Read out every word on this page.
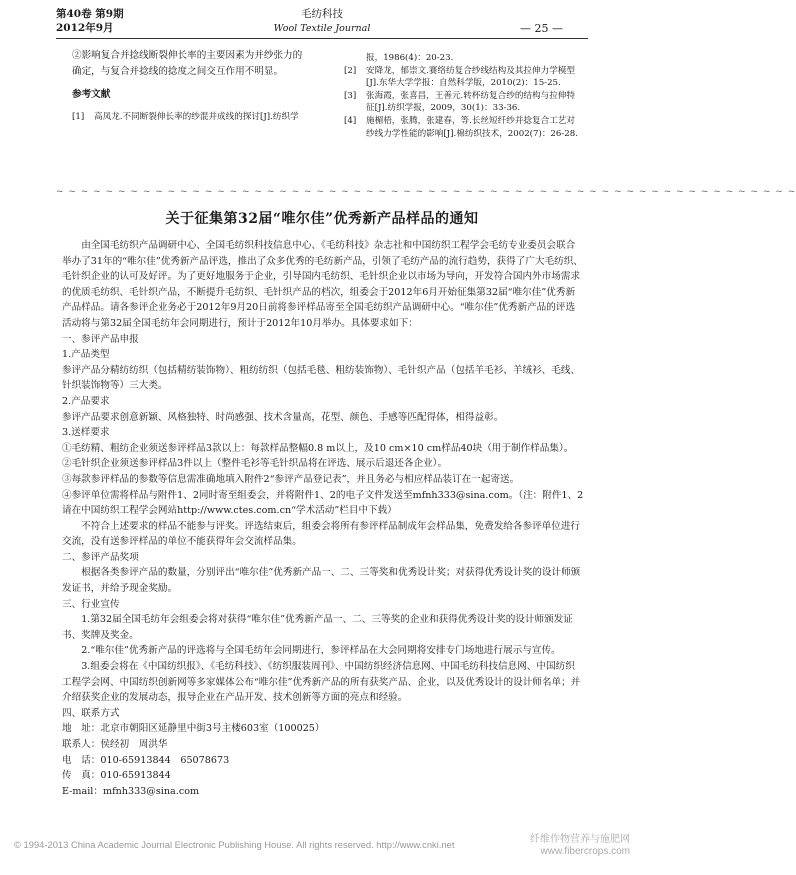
第40卷 第9期
2012年9月
毛纺科技
Wool Textile Journal	— 25 —

②影响复合并捻线断裂伸长率的主要因素为并纱张力的确定，与复合并捻线的捻度之间交互作用不明显。

参考文献

[1]	高凤龙.不同断裂伸长率的纱混并成线的探讨[J].纺织学
报，1986(4)：20-23.
[2]	安降龙，郁崇文.赛络纺复合纱线结构及其拉伸力学模型[J].东华大学学报：自然科学版，2010(2)：15-25.
[3]	张海霞，张喜昌，王善元.转杯纺复合纱的结构与拉伸特征[J].纺织学报，2009，30(1)：33-36.
[4]	施楣梧，张腾，张建春，等.长丝短纤纱并捻复合工艺对纱线力学性能的影响[J].棉纺织技术，2002(7)：26-28.
~ ~ ~ ~ ~ ~ ~ ~ ~ ~ ~ ~ ~ ~ ~ ~ ~ ~ ~ ~ ~ ~ ~ ~ ~ ~ ~ ~ ~ ~ ~ ~ ~ ~ ~ ~ ~ ~ ~ ~ ~ ~ ~ ~ ~ ~ ~ ~ ~ ~ ~ ~ ~ ~ ~ ~ ~ ~ ~ ~
关于征集第32届“唯尔佳”优秀新产品样品的通知

由全国毛纺织产品调研中心、全国毛纺织科技信息中心、《毛纺科技》杂志社和中国纺织工程学会毛纺专业委员会联合举办了31年的“唯尔佳”优秀新产品评选，推出了众多优秀的毛纺新产品，引领了毛纺产品的流行趋势，获得了广大毛纺织、毛针织企业的认可及好评。为了更好地服务于企业，引导国内毛纺织、毛针织企业以市场为导向，开发符合国内外市场需求的优质毛纺织、毛针织产品，不断提升毛纺织、毛针织产品的档次，组委会于2012年6月开始征集第32届“唯尔佳”优秀新产品样品。请各参评企业务必于2012年9月20日前将参评样品寄至全国毛纺织产品调研中心。“唯尔佳”优秀新产品的评选活动将与第32届全国毛纺年会同期进行，预计于2012年10月举办。具体要求如下：

一、参评产品申报

1.产品类型

参评产品分精纺纺织（包括精纺装饰物）、粗纺纺织（包括毛毯、粗纺装饰物）、毛针织产品（包括羊毛衫、羊绒衫、毛线、针织装饰物等）三大类。

2.产品要求

参评产品要求创意新颖、风格独特、时尚感强、技术含量高，花型、颜色、手感等匹配得体，相得益彰。

3.送样要求

①毛纺精、粗纺企业须送参评样品3款以上：每款样品整幅0.8 m以上，及10 cm×10 cm样品40块（用于制作样品集）。

②毛针织企业须送参评样品3件以上（整件毛衫等毛针织品将在评选、展示后退还各企业）。

③每款参评样品的参数等信息需准确地填入附件2“参评产品登记表”，并且务必与相应样品装订在一起寄送。

④参评单位需将样品与附件1、2同时寄至组委会，并将附件1、2的电子文件发送至mfnh333@sina.com。（注：附件1、2请在中国纺织工程学会网站http://www.ctes.com.cn“学术活动”栏目中下载）

不符合上述要求的样品不能参与评奖。评选结束后，组委会将所有参评样品制成年会样品集，免费发给各参评单位进行交流，没有送参评样品的单位不能获得年会交流样品集。

二、参评产品奖项

根据各类参评产品的数量，分别评出“唯尔佳”优秀新产品一、二、三等奖和优秀设计奖；对获得优秀设计奖的设计师颁发证书，并给予现金奖励。

三、行业宣传

1.第32届全国毛纺年会组委会将对获得“唯尔佳”优秀新产品一、二、三等奖的企业和获得优秀设计奖的设计师颁发证书、奖牌及奖金。

2.“唯尔佳”优秀新产品的评选将与全国毛纺年会同期进行，参评样品在大会同期将安排专门场地进行展示与宣传。

3.组委会将在《中国纺织报》、《毛纺科技》、《纺织服装周刊》、中国纺织经济信息网、中国毛纺科技信息网、中国纺织工程学会网、中国纺织创新网等多家媒体公布“唯尔佳”优秀新产品的所有获奖产品、企业，以及优秀设计的设计师名单；并介绍获奖企业的发展动态，报导企业在产品开发、技术创新等方面的亮点和经验。

四、联系方式

地　址：北京市朝阳区延静里中街3号主楼603室（100025）

联系人：侯经初　周洪华

电　话：010-65913844　65078673

传　真：010-65913844

E-mail：mfnh333@sina.com

© 1994-2013 China Academic Journal Electronic Publishing House. All rights reserved. http://www.cnki.net	纤维作物营养与施肥网
www.fibercrops.com
